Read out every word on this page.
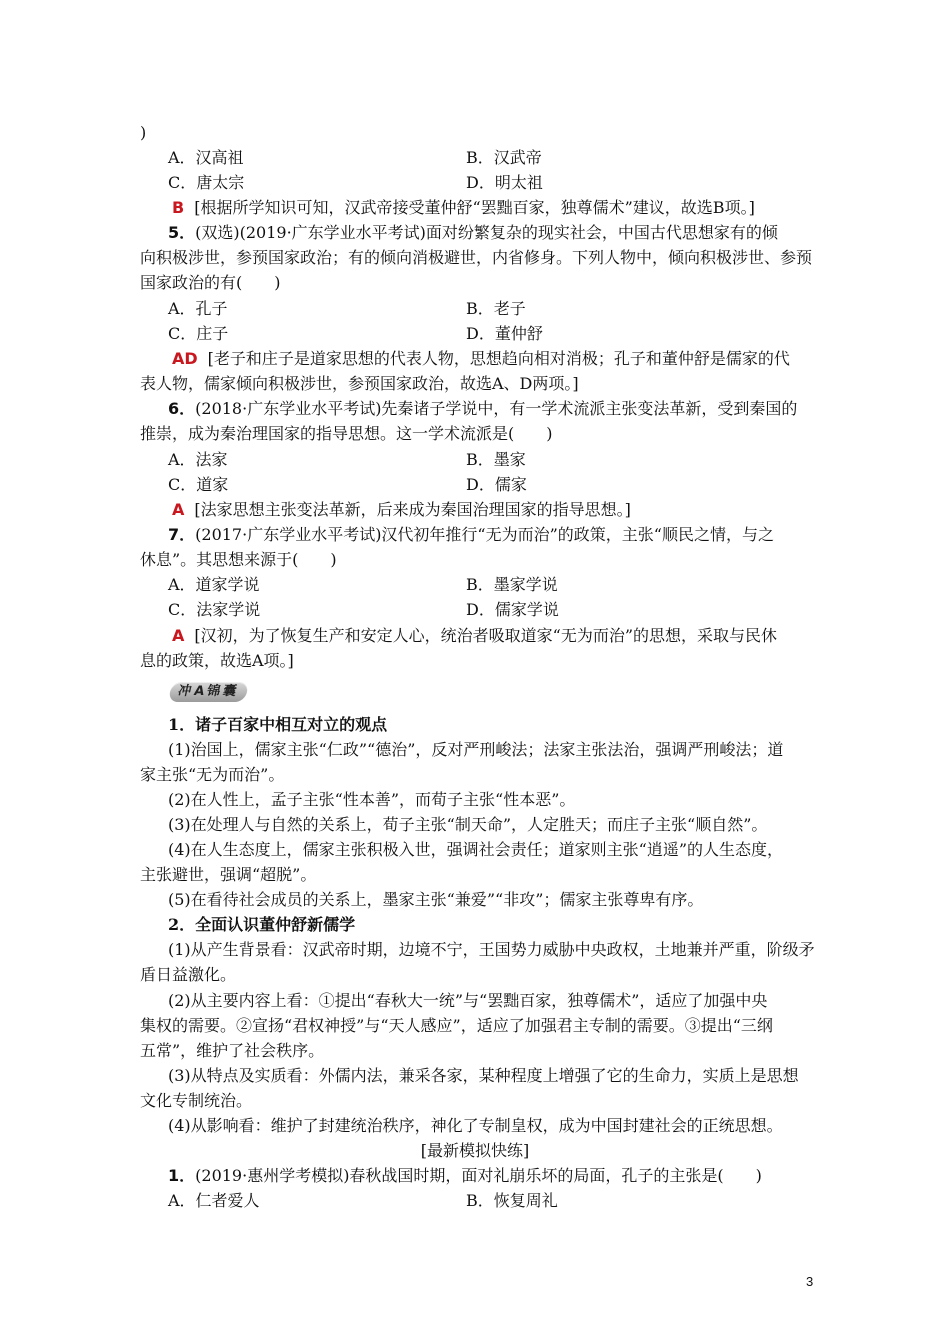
)
A．汉高祖	B．汉武帝
C．唐太宗	D．明太祖
B [根据所学知识可知，汉武帝接受董仲舒“罢黜百家，独尊儒术”建议，故选B项。]
5．(双选)(2019·广东学业水平考试)面对纷繁复杂的现实社会，中国古代思想家有的倾
向积极涉世，参预国家政治；有的倾向消极避世，内省修身。下列人物中，倾向积极涉世、参预
国家政治的有(　　)
A．孔子	B．老子
C．庄子	D．董仲舒
AD [老子和庄子是道家思想的代表人物，思想趋向相对消极；孔子和董仲舒是儒家的代
表人物，儒家倾向积极涉世，参预国家政治，故选A、D两项。]
6．(2018·广东学业水平考试)先秦诸子学说中，有一学术流派主张变法革新，受到秦国的
推崇，成为秦治理国家的指导思想。这一学术流派是(　　)
A．法家	B．墨家
C．道家	D．儒家
A [法家思想主张变法革新，后来成为秦国治理国家的指导思想。]
7．(2017·广东学业水平考试)汉代初年推行“无为而治”的政策，主张“顺民之情，与之
休息”。其思想来源于(　　)
A．道家学说	B．墨家学说
C．法家学说	D．儒家学说
A [汉初，为了恢复生产和安定人心，统治者吸取道家“无为而治”的思想，采取与民休
息的政策，故选A项。]
冲A锦囊
1．诸子百家中相互对立的观点
(1)治国上，儒家主张“仁政”“德治”，反对严刑峻法；法家主张法治，强调严刑峻法；道
家主张“无为而治”。
(2)在人性上，孟子主张“性本善”，而荀子主张“性本恶”。
(3)在处理人与自然的关系上，荀子主张“制天命”，人定胜天；而庄子主张“顺自然”。
(4)在人生态度上，儒家主张积极入世，强调社会责任；道家则主张“逍遥”的人生态度，
主张避世，强调“超脱”。
(5)在看待社会成员的关系上，墨家主张“兼爱”“非攻”；儒家主张尊卑有序。
2．全面认识董仲舒新儒学
(1)从产生背景看：汉武帝时期，边境不宁，王国势力威胁中央政权，土地兼并严重，阶级矛
盾日益激化。
(2)从主要内容上看：①提出“春秋大一统”与“罢黜百家，独尊儒术”，适应了加强中央
集权的需要。②宣扬“君权神授”与“天人感应”，适应了加强君主专制的需要。③提出“三纲
五常”，维护了社会秩序。
(3)从特点及实质看：外儒内法，兼采各家，某种程度上增强了它的生命力，实质上是思想
文化专制统治。
(4)从影响看：维护了封建统治秩序，神化了专制皇权，成为中国封建社会的正统思想。
[最新模拟快练]
1．(2019·惠州学考模拟)春秋战国时期，面对礼崩乐坏的局面，孔子的主张是(　　)
A．仁者爱人	B．恢复周礼
3
